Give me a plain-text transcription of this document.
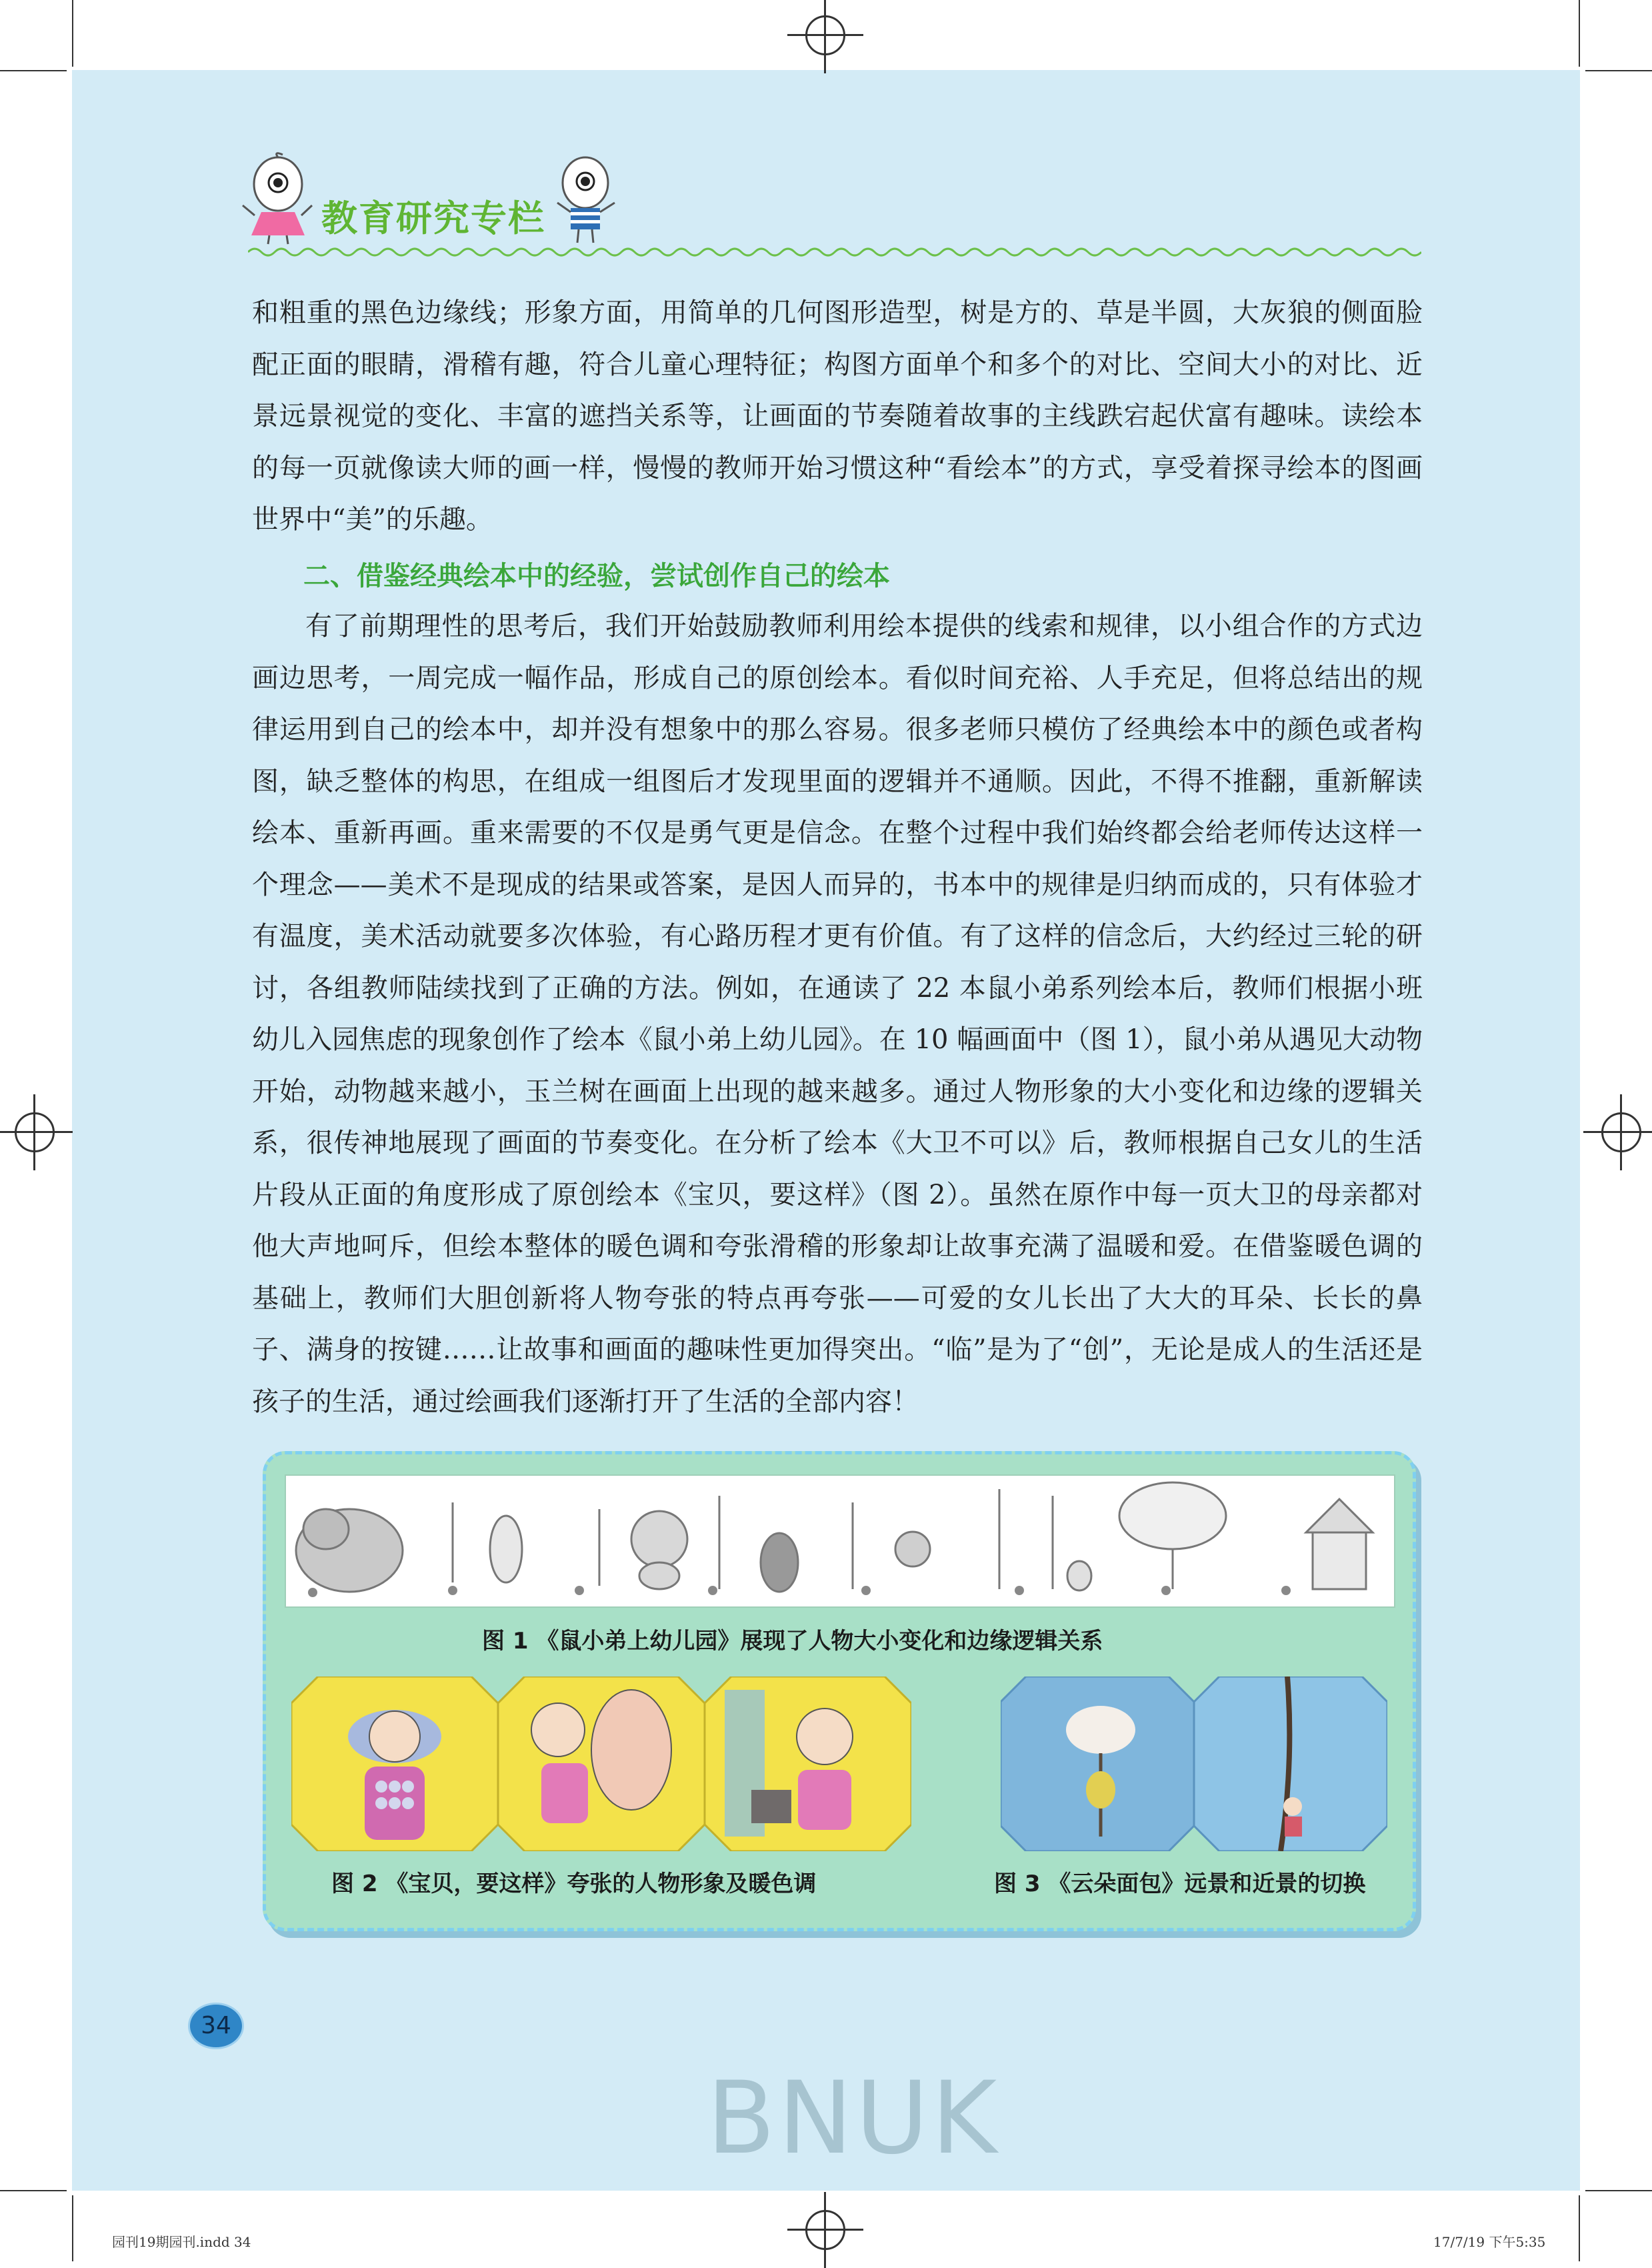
教育研究专栏
和粗重的黑色边缘线；形象方面，用简单的几何图形造型，树是方的、草是半圆，大灰狼的侧面脸配正面的眼睛，滑稽有趣，符合儿童心理特征；构图方面单个和多个的对比、空间大小的对比、近景远景视觉的变化、丰富的遮挡关系等，让画面的节奏随着故事的主线跌宕起伏富有趣味。读绘本的每一页就像读大师的画一样，慢慢的教师开始习惯这种“看绘本”的方式，享受着探寻绘本的图画世界中“美”的乐趣。
二、借鉴经典绘本中的经验，尝试创作自己的绘本
有了前期理性的思考后，我们开始鼓励教师利用绘本提供的线索和规律，以小组合作的方式边画边思考，一周完成一幅作品，形成自己的原创绘本。看似时间充裕、人手充足，但将总结出的规律运用到自己的绘本中，却并没有想象中的那么容易。很多老师只模仿了经典绘本中的颜色或者构图，缺乏整体的构思，在组成一组图后才发现里面的逻辑并不通顺。因此，不得不推翻，重新解读绘本、重新再画。重来需要的不仅是勇气更是信念。在整个过程中我们始终都会给老师传达这样一个理念——美术不是现成的结果或答案，是因人而异的，书本中的规律是归纳而成的，只有体验才有温度，美术活动就要多次体验，有心路历程才更有价值。有了这样的信念后，大约经过三轮的研讨，各组教师陆续找到了正确的方法。例如，在通读了 22 本鼠小弟系列绘本后，教师们根据小班幼儿入园焦虑的现象创作了绘本《鼠小弟上幼儿园》。在 10 幅画面中（图 1），鼠小弟从遇见大动物开始，动物越来越小，玉兰树在画面上出现的越来越多。通过人物形象的大小变化和边缘的逻辑关系，很传神地展现了画面的节奏变化。在分析了绘本《大卫不可以》后，教师根据自己女儿的生活片段从正面的角度形成了原创绘本《宝贝，要这样》（图 2）。虽然在原作中每一页大卫的母亲都对他大声地呵斥，但绘本整体的暖色调和夸张滑稽的形象却让故事充满了温暖和爱。在借鉴暖色调的基础上，教师们大胆创新将人物夸张的特点再夸张——可爱的女儿长出了大大的耳朵、长长的鼻子、满身的按键……让故事和画面的趣味性更加得突出。“临”是为了“创”，无论是成人的生活还是孩子的生活，通过绘画我们逐渐打开了生活的全部内容！
图 1 《鼠小弟上幼儿园》展现了人物大小变化和边缘逻辑关系
图 2 《宝贝，要这样》夸张的人物形象及暖色调	图 3 《云朵面包》远景和近景的切换
34
BNUK
园刊19期园刊.indd 34	17/7/19 下午5:35
